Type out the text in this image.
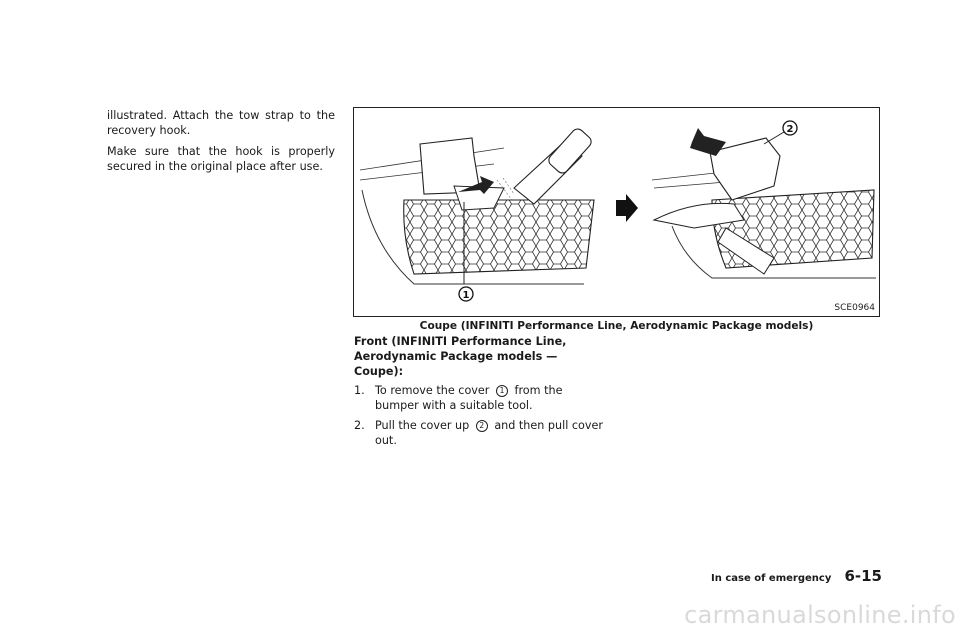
illustrated. Attach the tow strap to the recovery hook.

Make sure that the hook is properly secured in the original place after use.

1
2
SCE0964
Coupe (INFINITI Performance Line, Aerodynamic Package models)

Front (INFINITI Performance Line, Aerodynamic Package models — Coupe):

1. To remove the cover 1 from the bumper with a suitable tool.

2. Pull the cover up 2 and then pull cover out.

In case of emergency 6-15
carmanualsonline.info
